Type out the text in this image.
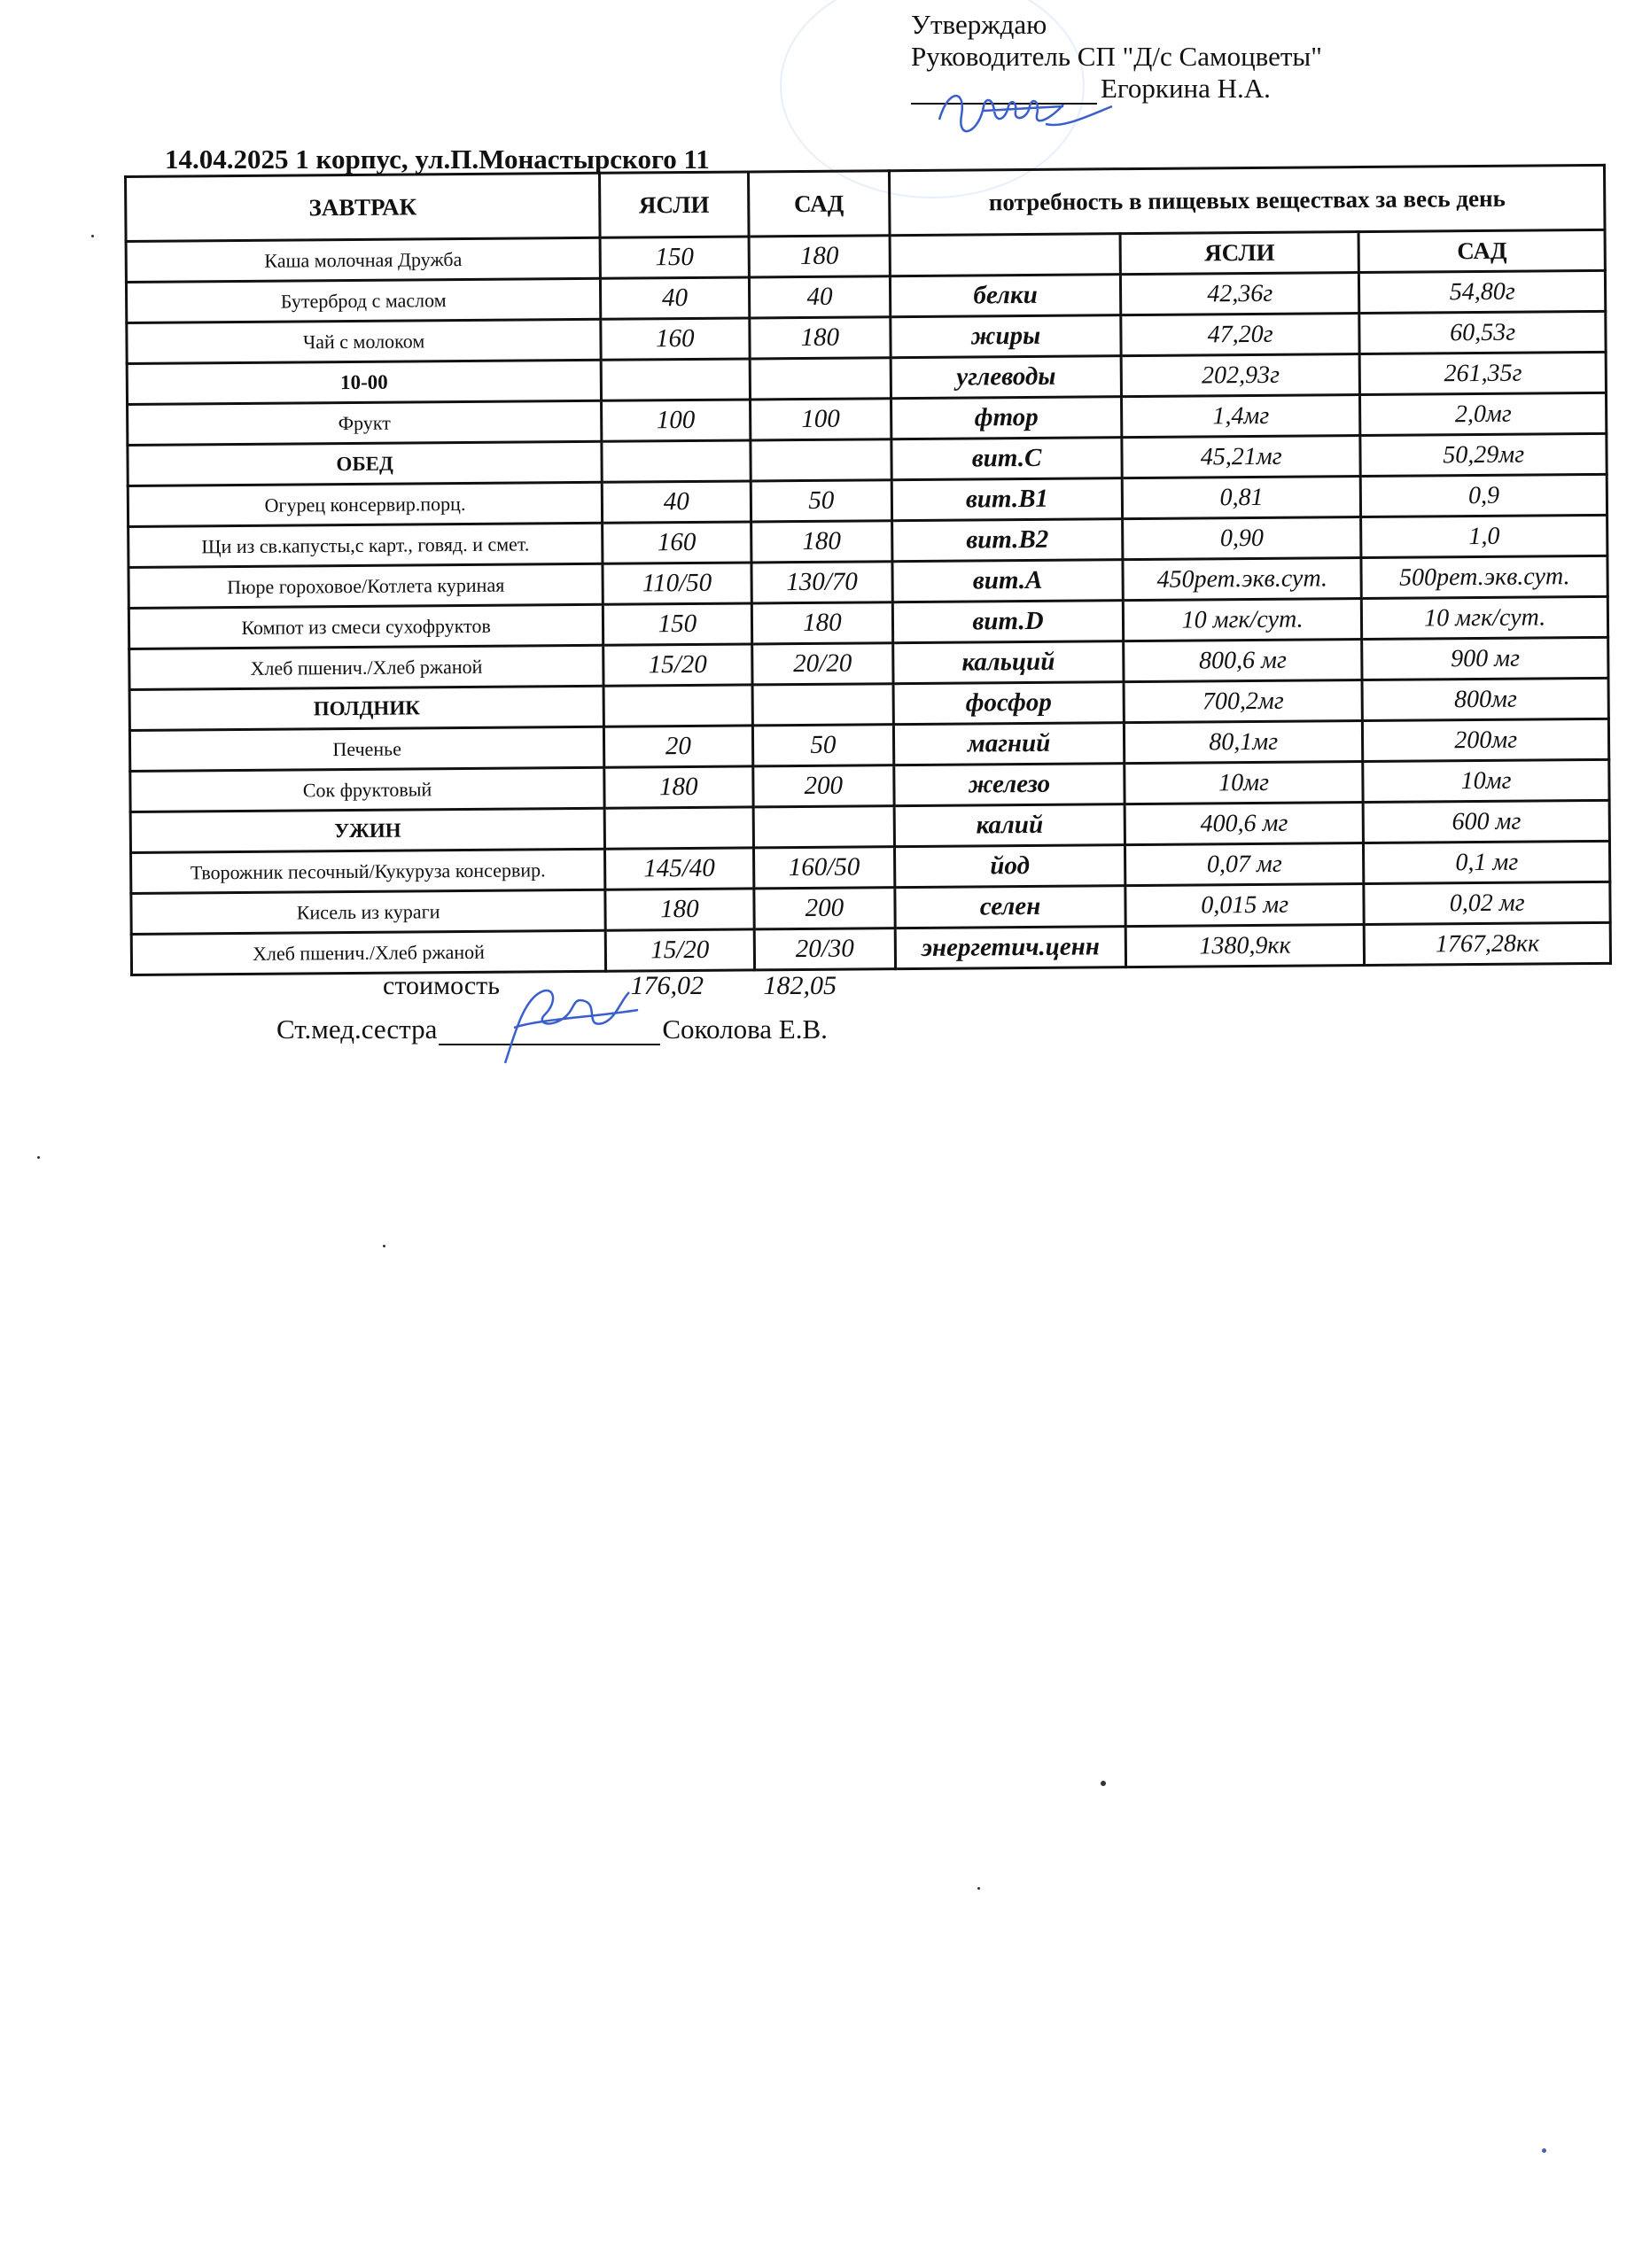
Утверждаю
Руководитель СП "Д/с Самоцветы"
Егоркина Н.А.
14.04.2025 1 корпус, ул.П.Монастырского 11
ЗАВТРАК	ЯСЛИ	САД	потребность в пищевых веществах за весь день		
Каша молочная Дружба	150	180		ЯСЛИ	САД
Бутерброд с маслом	40	40	белки	42,36г	54,80г
Чай с молоком	160	180	жиры	47,20г	60,53г
10-00			углеводы	202,93г	261,35г
Фрукт	100	100	фтор	1,4мг	2,0мг
ОБЕД			вит.С	45,21мг	50,29мг
Огурец консервир.порц.	40	50	вит.В1	0,81	0,9
Щи из св.капусты,с карт., говяд. и смет.	160	180	вит.В2	0,90	1,0
Пюре гороховое/Котлета куриная	110/50	130/70	вит.А	450рет.экв.сут.	500рет.экв.сут.
Компот из смеси сухофруктов	150	180	вит.D	10 мгк/сут.	10 мгк/сут.
Хлеб пшенич./Хлеб ржаной	15/20	20/20	кальций	800,6 мг	900 мг
ПОЛДНИК			фосфор	700,2мг	800мг
Печенье	20	50	магний	80,1мг	200мг
Сок фруктовый	180	200	железо	10мг	10мг
УЖИН			калий	400,6 мг	600 мг
Творожник песочный/Кукуруза консервир.	145/40	160/50	йод	0,07 мг	0,1 мг
Кисель из кураги	180	200	селен	0,015 мг	0,02 мг
Хлеб пшенич./Хлеб ржаной	15/20	20/30	энергетич.ценн	1380,9кк	1767,28кк
стоимость	176,02 182,05
Ст.мед.сестра	Соколова Е.В.
